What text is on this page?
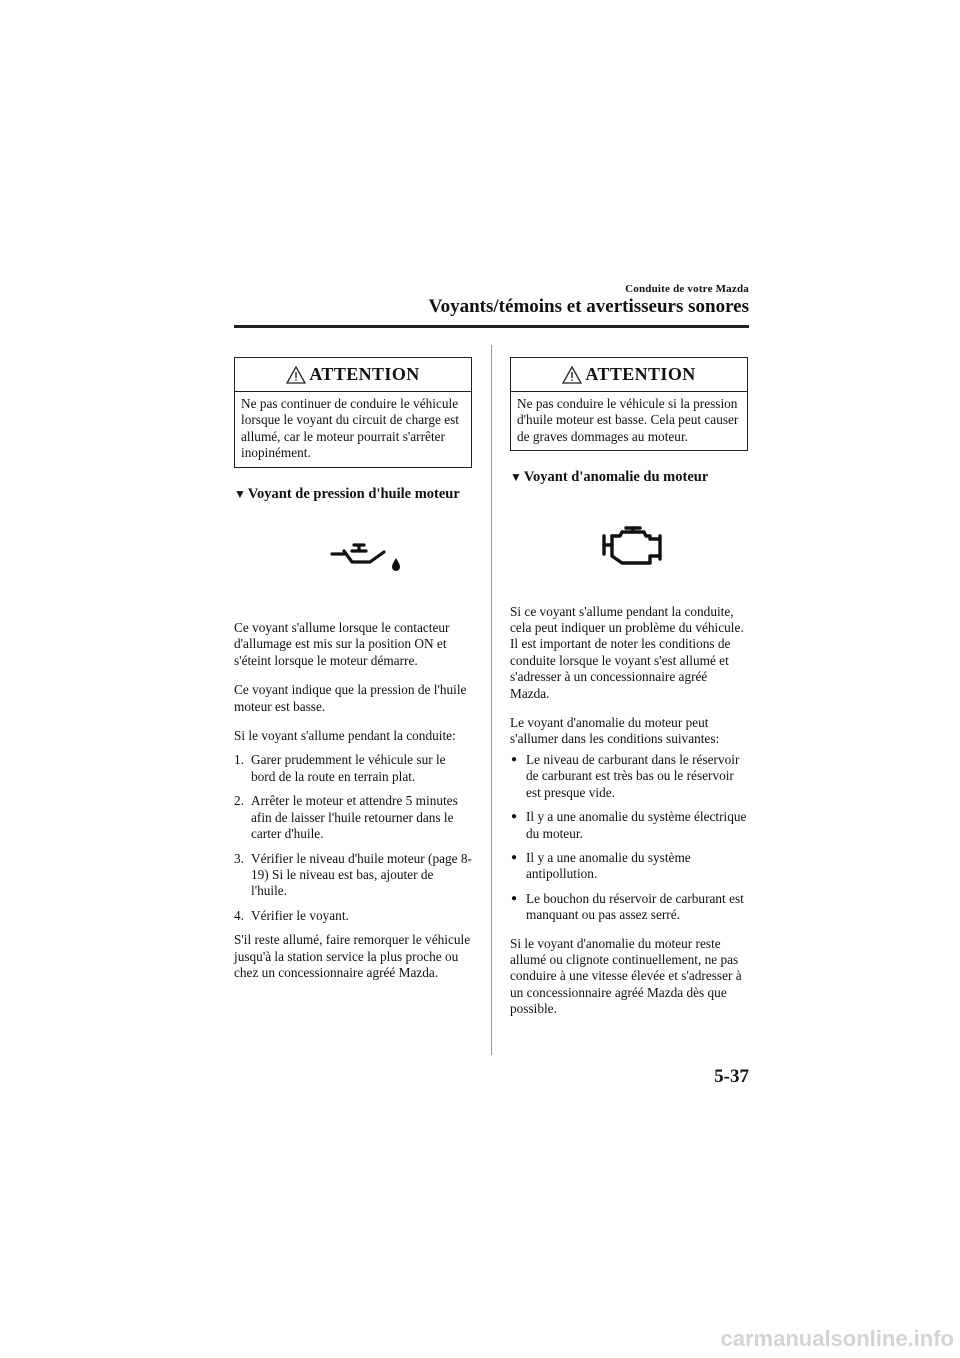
Conduite de votre Mazda
Voyants/témoins et avertisseurs sonores
ATTENTION
Ne pas continuer de conduire le véhicule lorsque le voyant du circuit de charge est allumé, car le moteur pourrait s'arrêter inopinément.
▼ Voyant de pression d'huile moteur

Ce voyant s'allume lorsque le contacteur d'allumage est mis sur la position ON et s'éteint lorsque le moteur démarre.

Ce voyant indique que la pression de l'huile moteur est basse.

Si le voyant s'allume pendant la conduite:

1. Garer prudemment le véhicule sur le bord de la route en terrain plat.
2. Arrêter le moteur et attendre 5 minutes afin de laisser l'huile retourner dans le carter d'huile.
3. Vérifier le niveau d'huile moteur (page 8-19) Si le niveau est bas, ajouter de l'huile.
4. Vérifier le voyant.

S'il reste allumé, faire remorquer le véhicule jusqu'à la station service la plus proche ou chez un concessionnaire agréé Mazda.

ATTENTION
Ne pas conduire le véhicule si la pression d'huile moteur est basse. Cela peut causer de graves dommages au moteur.
▼ Voyant d'anomalie du moteur

Si ce voyant s'allume pendant la conduite, cela peut indiquer un problème du véhicule. Il est important de noter les conditions de conduite lorsque le voyant s'est allumé et s'adresser à un concessionnaire agréé Mazda.

Le voyant d'anomalie du moteur peut s'allumer dans les conditions suivantes:

● Le niveau de carburant dans le réservoir de carburant est très bas ou le réservoir est presque vide.
● Il y a une anomalie du système électrique du moteur.
● Il y a une anomalie du système antipollution.
● Le bouchon du réservoir de carburant est manquant ou pas assez serré.

Si le voyant d'anomalie du moteur reste allumé ou clignote continuellement, ne pas conduire à une vitesse élevée et s'adresser à un concessionnaire agréé Mazda dès que possible.

5-37
carmanualsonline.info
